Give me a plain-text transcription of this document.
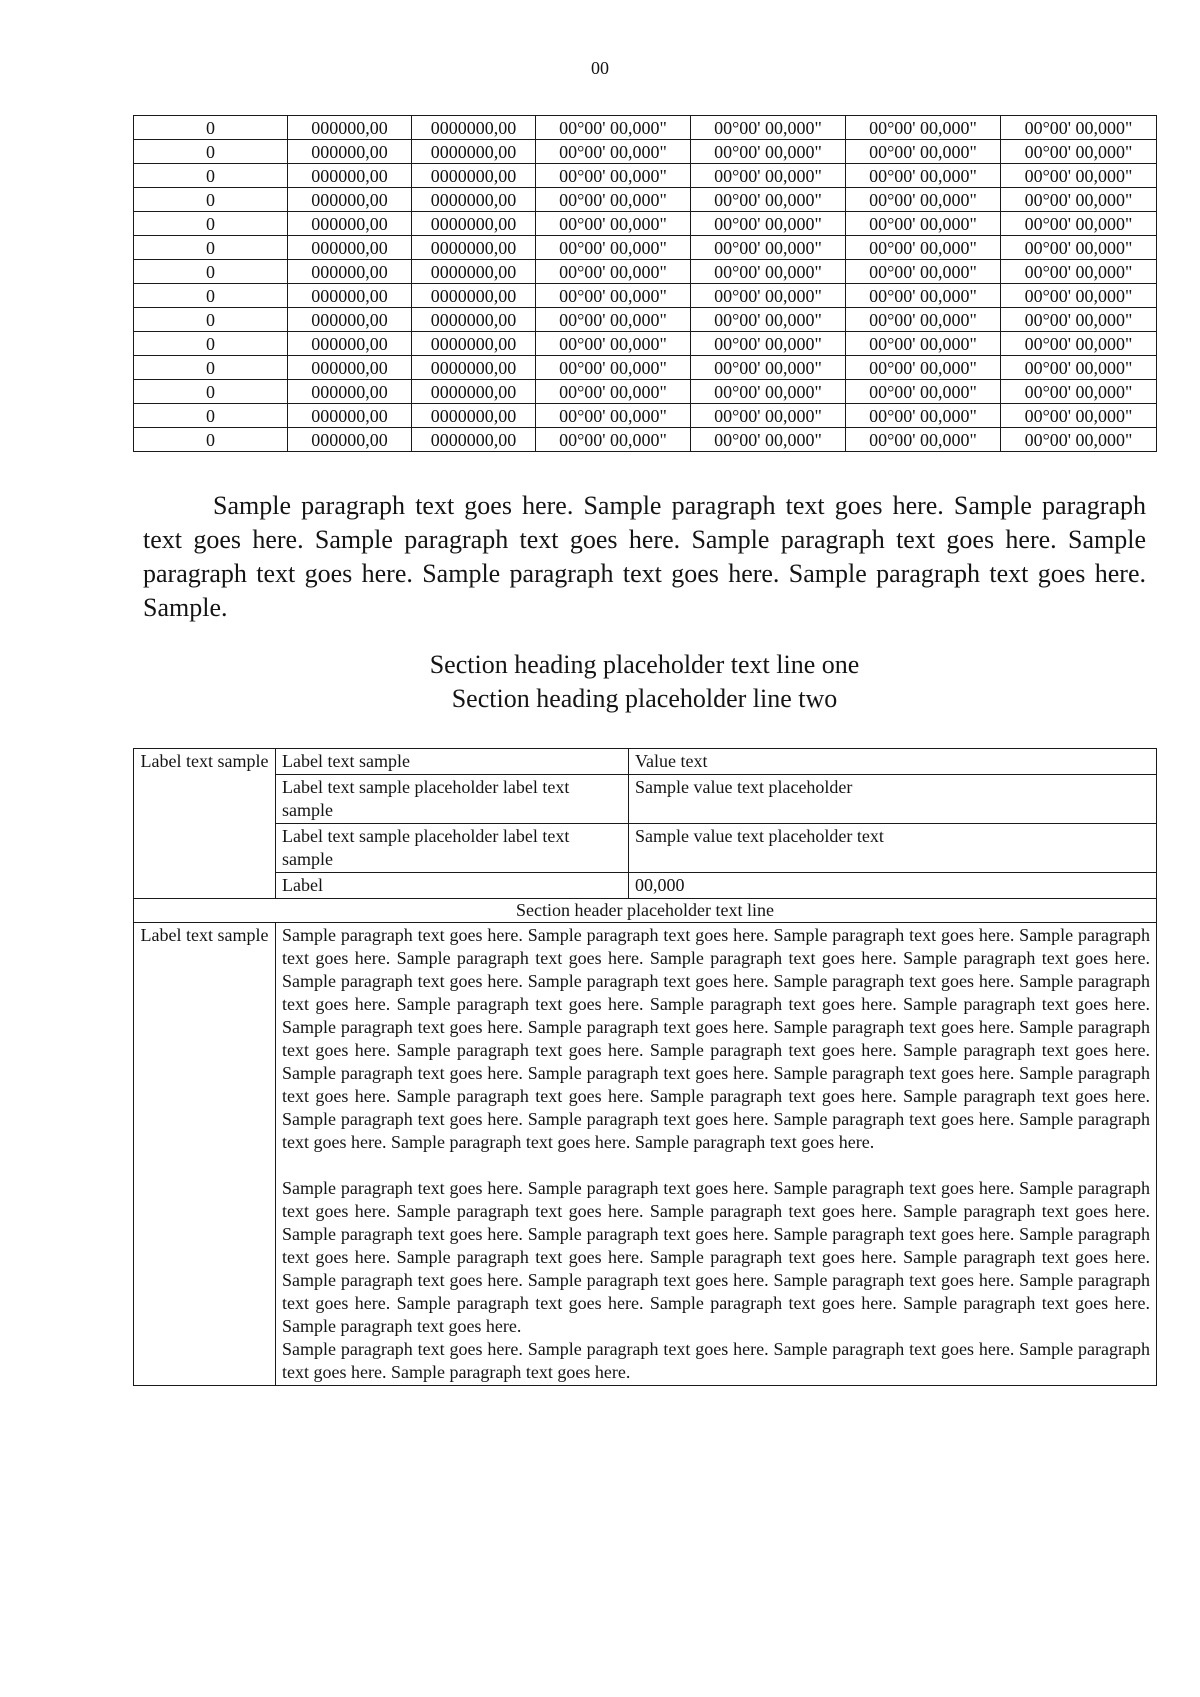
00
0	000000,00	0000000,00	00°00' 00,000"	00°00' 00,000"	00°00' 00,000"	00°00' 00,000"
0	000000,00	0000000,00	00°00' 00,000"	00°00' 00,000"	00°00' 00,000"	00°00' 00,000"
0	000000,00	0000000,00	00°00' 00,000"	00°00' 00,000"	00°00' 00,000"	00°00' 00,000"
0	000000,00	0000000,00	00°00' 00,000"	00°00' 00,000"	00°00' 00,000"	00°00' 00,000"
0	000000,00	0000000,00	00°00' 00,000"	00°00' 00,000"	00°00' 00,000"	00°00' 00,000"
0	000000,00	0000000,00	00°00' 00,000"	00°00' 00,000"	00°00' 00,000"	00°00' 00,000"
0	000000,00	0000000,00	00°00' 00,000"	00°00' 00,000"	00°00' 00,000"	00°00' 00,000"
0	000000,00	0000000,00	00°00' 00,000"	00°00' 00,000"	00°00' 00,000"	00°00' 00,000"
0	000000,00	0000000,00	00°00' 00,000"	00°00' 00,000"	00°00' 00,000"	00°00' 00,000"
0	000000,00	0000000,00	00°00' 00,000"	00°00' 00,000"	00°00' 00,000"	00°00' 00,000"
0	000000,00	0000000,00	00°00' 00,000"	00°00' 00,000"	00°00' 00,000"	00°00' 00,000"
0	000000,00	0000000,00	00°00' 00,000"	00°00' 00,000"	00°00' 00,000"	00°00' 00,000"
0	000000,00	0000000,00	00°00' 00,000"	00°00' 00,000"	00°00' 00,000"	00°00' 00,000"
0	000000,00	0000000,00	00°00' 00,000"	00°00' 00,000"	00°00' 00,000"	00°00' 00,000"

Sample paragraph text goes here. Sample paragraph text goes here. Sample paragraph text goes here. Sample paragraph text goes here. Sample paragraph text goes here. Sample paragraph text goes here. Sample paragraph text goes here. Sample paragraph text goes here. Sample.

Section heading placeholder text line one
Section heading placeholder line two
Label text sample	Label text sample	Value text
	Label text sample placeholder label text sample	Sample value text placeholder
	Label text sample placeholder label text sample	Sample value text placeholder text
	Label	00,000
Section header placeholder text line		
Label text sample	Sample paragraph text goes here. Sample paragraph text goes here. Sample paragraph text goes here. Sample paragraph text goes here. Sample paragraph text goes here. Sample paragraph text goes here. Sample paragraph text goes here. Sample paragraph text goes here. Sample paragraph text goes here. Sample paragraph text goes here. Sample paragraph text goes here. Sample paragraph text goes here. Sample paragraph text goes here. Sample paragraph text goes here. Sample paragraph text goes here. Sample paragraph text goes here. Sample paragraph text goes here. Sample paragraph text goes here. Sample paragraph text goes here. Sample paragraph text goes here. Sample paragraph text goes here. Sample paragraph text goes here. Sample paragraph text goes here. Sample paragraph text goes here. Sample paragraph text goes here. Sample paragraph text goes here. Sample paragraph text goes here. Sample paragraph text goes here. Sample paragraph text goes here. Sample paragraph text goes here. Sample paragraph text goes here. Sample paragraph text goes here. Sample paragraph text goes here. Sample paragraph text goes here.

Sample paragraph text goes here. Sample paragraph text goes here. Sample paragraph text goes here. Sample paragraph text goes here. Sample paragraph text goes here. Sample paragraph text goes here. Sample paragraph text goes here. Sample paragraph text goes here. Sample paragraph text goes here. Sample paragraph text goes here. Sample paragraph text goes here. Sample paragraph text goes here. Sample paragraph text goes here. Sample paragraph text goes here. Sample paragraph text goes here. Sample paragraph text goes here. Sample paragraph text goes here. Sample paragraph text goes here. Sample paragraph text goes here. Sample paragraph text goes here. Sample paragraph text goes here. Sample paragraph text goes here.

Sample paragraph text goes here. Sample paragraph text goes here. Sample paragraph text goes here. Sample paragraph text goes here. Sample paragraph text goes here.	
